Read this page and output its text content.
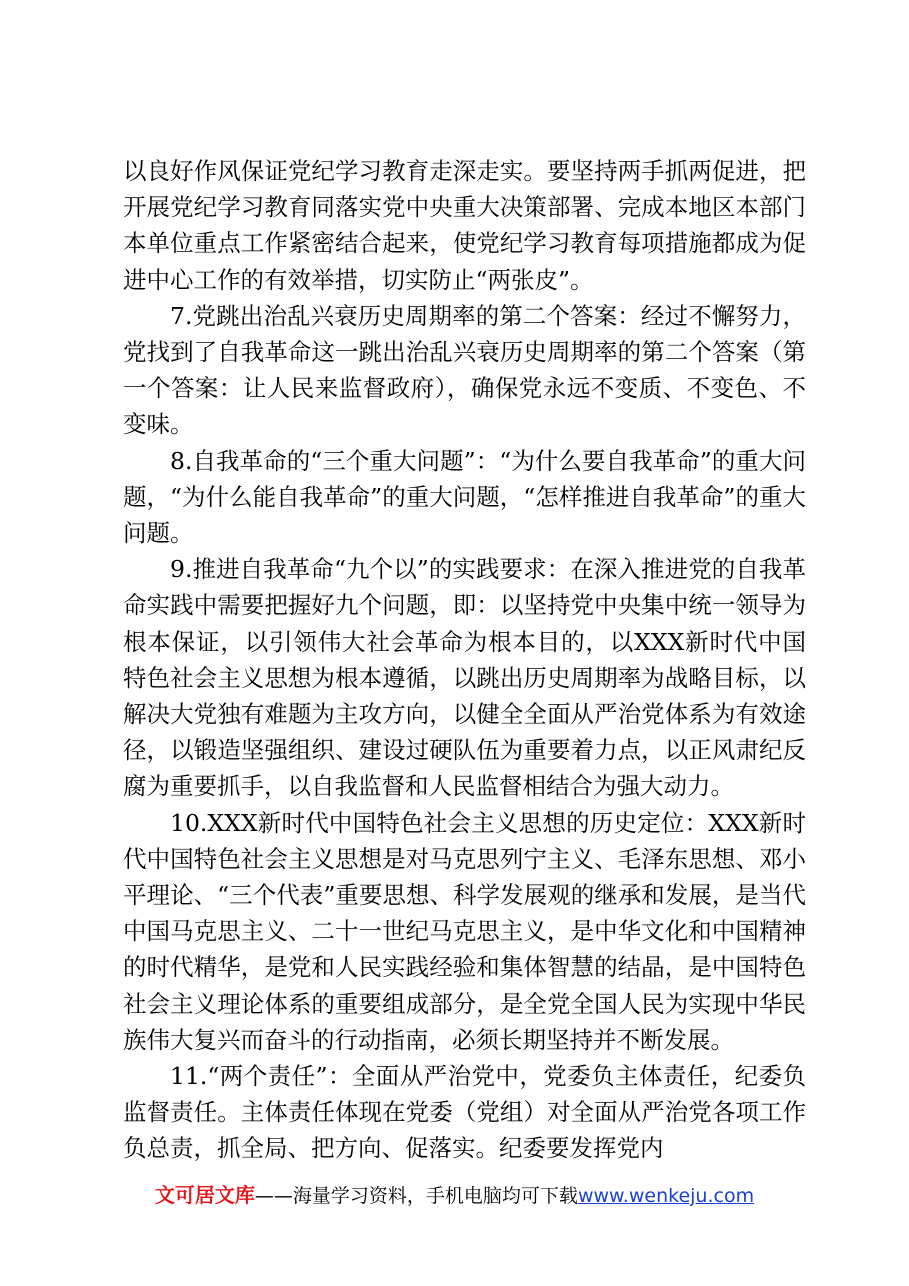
以良好作风保证党纪学习教育走深走实。要坚持两手抓两促进，把开展党纪学习教育同落实党中央重大决策部署、完成本地区本部门本单位重点工作紧密结合起来，使党纪学习教育每项措施都成为促进中心工作的有效举措，切实防止“两张皮”。

7.党跳出治乱兴衰历史周期率的第二个答案：经过不懈努力，党找到了自我革命这一跳出治乱兴衰历史周期率的第二个答案（第一个答案：让人民来监督政府），确保党永远不变质、不变色、不变味。

8.自我革命的“三个重大问题”：“为什么要自我革命”的重大问题，“为什么能自我革命”的重大问题，“怎样推进自我革命”的重大问题。

9.推进自我革命“九个以”的实践要求：在深入推进党的自我革命实践中需要把握好九个问题，即：以坚持党中央集中统一领导为根本保证，以引领伟大社会革命为根本目的，以XXX新时代中国特色社会主义思想为根本遵循，以跳出历史周期率为战略目标，以解决大党独有难题为主攻方向，以健全全面从严治党体系为有效途径，以锻造坚强组织、建设过硬队伍为重要着力点，以正风肃纪反腐为重要抓手，以自我监督和人民监督相结合为强大动力。

10.XXX新时代中国特色社会主义思想的历史定位：XXX新时代中国特色社会主义思想是对马克思列宁主义、毛泽东思想、邓小平理论、“三个代表”重要思想、科学发展观的继承和发展，是当代中国马克思主义、二十一世纪马克思主义，是中华文化和中国精神的时代精华，是党和人民实践经验和集体智慧的结晶，是中国特色社会主义理论体系的重要组成部分，是全党全国人民为实现中华民族伟大复兴而奋斗的行动指南，必须长期坚持并不断发展。

11.“两个责任”：全面从严治党中，党委负主体责任，纪委负监督责任。主体责任体现在党委（党组）对全面从严治党各项工作负总责，抓全局、把方向、促落实。纪委要发挥党内

文可居文库——海量学习资料，手机电脑均可下载www.wenkeju.com
